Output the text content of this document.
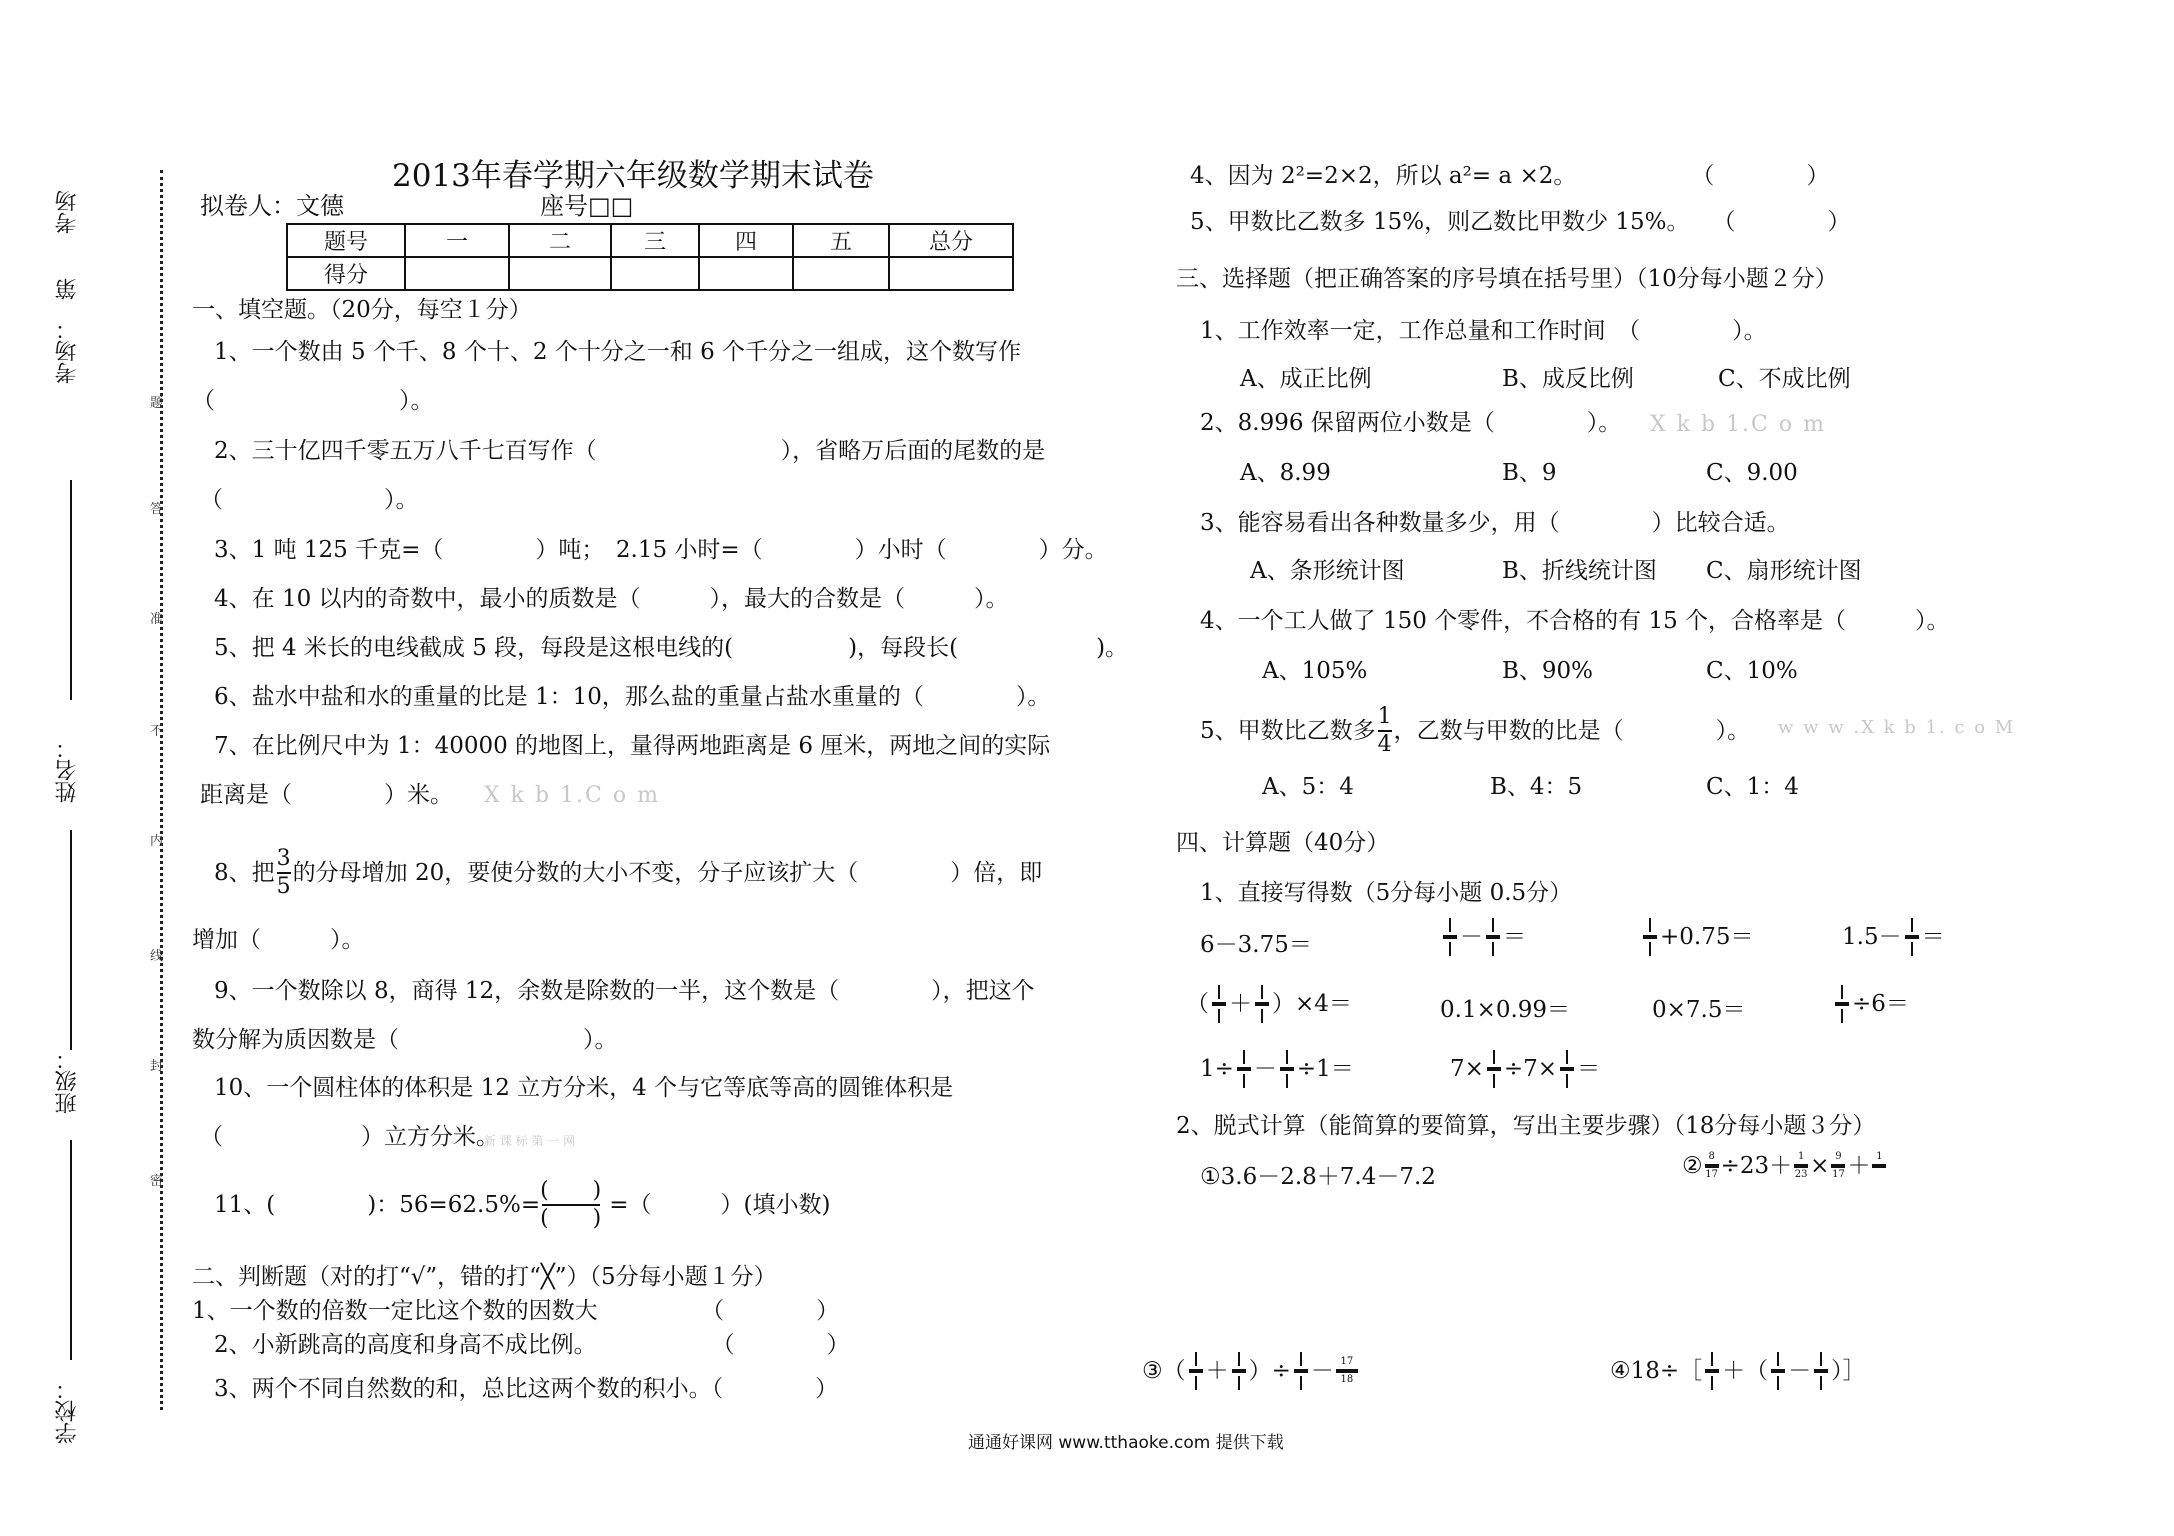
第　　考场
考场：
姓名：
班级：
学校：
题
答
准
不
内
线
封
密
2013年春学期六年级数学期末试卷
拟卷人：文德	座号□□
题号	一	二	三	四	五	总分
得分						
一、填空题。（20分，每空１分）
1、一个数由 5 个千、8 个十、2 个十分之一和 6 个千分之一组成，这个数写作
（　　　　　　　　）。
2、三十亿四千零五万八千七百写作（　　　　　　　　），省略万后面的尾数的是
（　　　　　　　）。
3、1 吨 125 千克=（　　　　）吨；　2.15 小时=（　　　　）小时（　　　　）分。
4、在 10 以内的奇数中，最小的质数是（　　　），最大的合数是（　　　）。
5、把 4 米长的电线截成 5 段，每段是这根电线的(　　　　　)，每段长(　　　　　　)。
6、盐水中盐和水的重量的比是 1：10，那么盐的重量占盐水重量的（　　　　）。
7、在比例尺中为 1：40000 的地图上，量得两地距离是 6 厘米，两地之间的实际
距离是（　　　　）米。 X k b 1.C o m
8、把 $\frac{3}{5}$ 的分母增加 20，要使分数的大小不变，分子应该扩大（　　　　）倍，即
增加（　　　）。
9、一个数除以 8，商得 12，余数是除数的一半，这个数是（　　　　），把这个
数分解为质因数是（　　　　　　　　）。
10、一个圆柱体的体积是 12 立方分米，4 个与它等底等高的圆锥体积是
（　　　　　　）立方分米。
新 课 标 第 一 网
11、(　　　　)：56=62.5%=
(　　)
(　　)
=（　　　）(填小数)
二、判断题（对的打“√”，错的打“╳”）（5分每小题１分）
1、一个数的倍数一定比这个数的因数大　　　　　（　　　　）
2、小新跳高的高度和身高不成比例。　　　　　　（　　　　）
3、两个不同自然数的和，总比这两个数的积小。（　　　　）
4、因为 2²=2×2，所以 a²= a ×2。　　　　　　（　　　　）
5、甲数比乙数多 15%，则乙数比甲数少 15%。　　（　　　　）
三、选择题（把正确答案的序号填在括号里）（10分每小题２分）
1、工作效率一定，工作总量和工作时间　（　　　　）。
A、成正比例	B、成反比例	C、不成比例
2、8.996 保留两位小数是（　　　　）。 X k b 1.C o m
A、8.99	B、9	C、9.00
3、能容易看出各种数量多少，用（　　　　）比较合适。
A、条形统计图	B、折线统计图 C、扇形统计图
4、一个工人做了 150 个零件，不合格的有 15 个，合格率是（　　　）。
A、105%	B、90%	C、10%
5、甲数比乙数多 $\frac{1}{4}$ ，乙数与甲数的比是（　　　　）。 w w w .X k b 1. c o M
A、5：4	B、4：5	C、1：4
四、计算题（40分）
1、直接写得数（5分每小题 0.5分）
6－3.75＝	－ ＝	+0.75＝	1.5－ ＝
（ ＋ ）×4＝	0.1×0.99＝	0×7.5＝	÷6＝
1÷ － ÷1＝	7× ÷7× ＝
2、脱式计算（能简算的要简算，写出主要步骤）（18分每小题３分）
①3.6－2.8＋7.4－7.2	② $\frac{8}{17} \div 23+ \frac{1}{23} \times \frac{9}{17} + 1$
③（ ＋ ）÷ － $\frac{17}{18}$	④18÷［ ＋（ － ）］
通通好课网 www.tthaoke.com 提供下载
